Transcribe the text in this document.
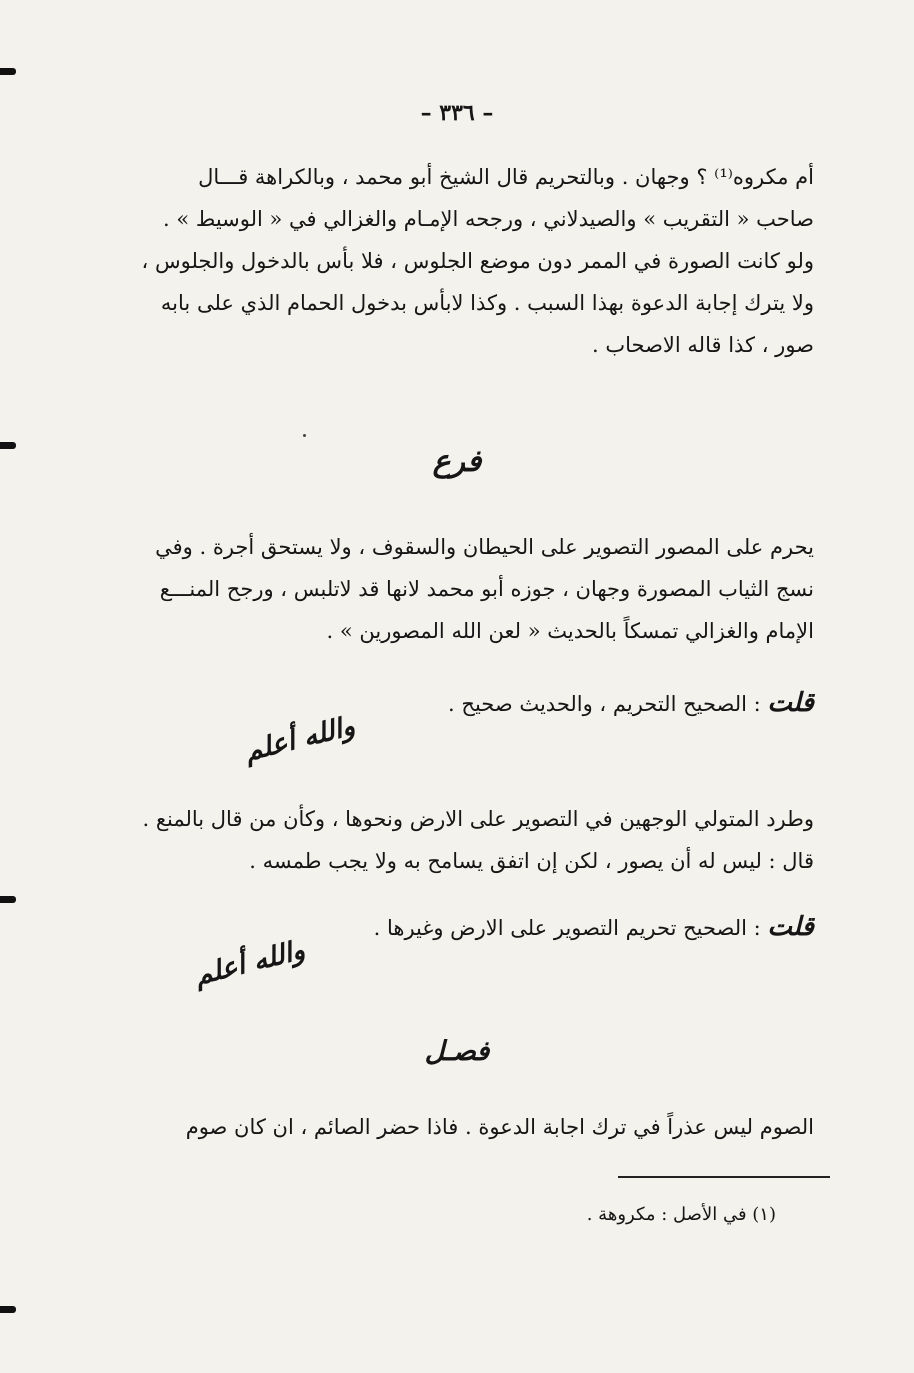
– ٣٣٦ –
أم مكروه⁽¹⁾ ؟ وجهان . وبالتحريم قال الشيخ أبو محمد ، وبالكراهة قـــال
صاحب « التقريب » والصيدلاني ، ورجحه الإمـام والغزالي في « الوسيط » .
ولو كانت الصورة في الممر دون موضع الجلوس ، فلا بأس بالدخول والجلوس ،
ولا يترك إجابة الدعوة بهذا السبب . وكذا لابأس بدخول الحمام الذي على بابه
صور ، كذا قاله الاصحاب .
فرع
يحرم على المصور التصوير على الحيطان والسقوف ، ولا يستحق أجرة . وفي
نسج الثياب المصورة وجهان ، جوزه أبو محمد لانها قد لاتلبس ، ورجح المنـــع
الإمام والغزالي تمسكاً بالحديث « لعن الله المصورين » .
قلت : الصحيح التحريم ، والحديث صحيح .
والله أعلم
وطرد المتولي الوجهين في التصوير على الارض ونحوها ، وكأن من قال بالمنع .
قال : ليس له أن يصور ، لكن إن اتفق يسامح به ولا يجب طمسه .
قلت : الصحيح تحريم التصوير على الارض وغيرها .
والله أعلم
فصـل
الصوم ليس عذراً في ترك اجابة الدعوة . فاذا حضر الصائم ، ان كان صوم
(١) في الأصل : مكروهة .
